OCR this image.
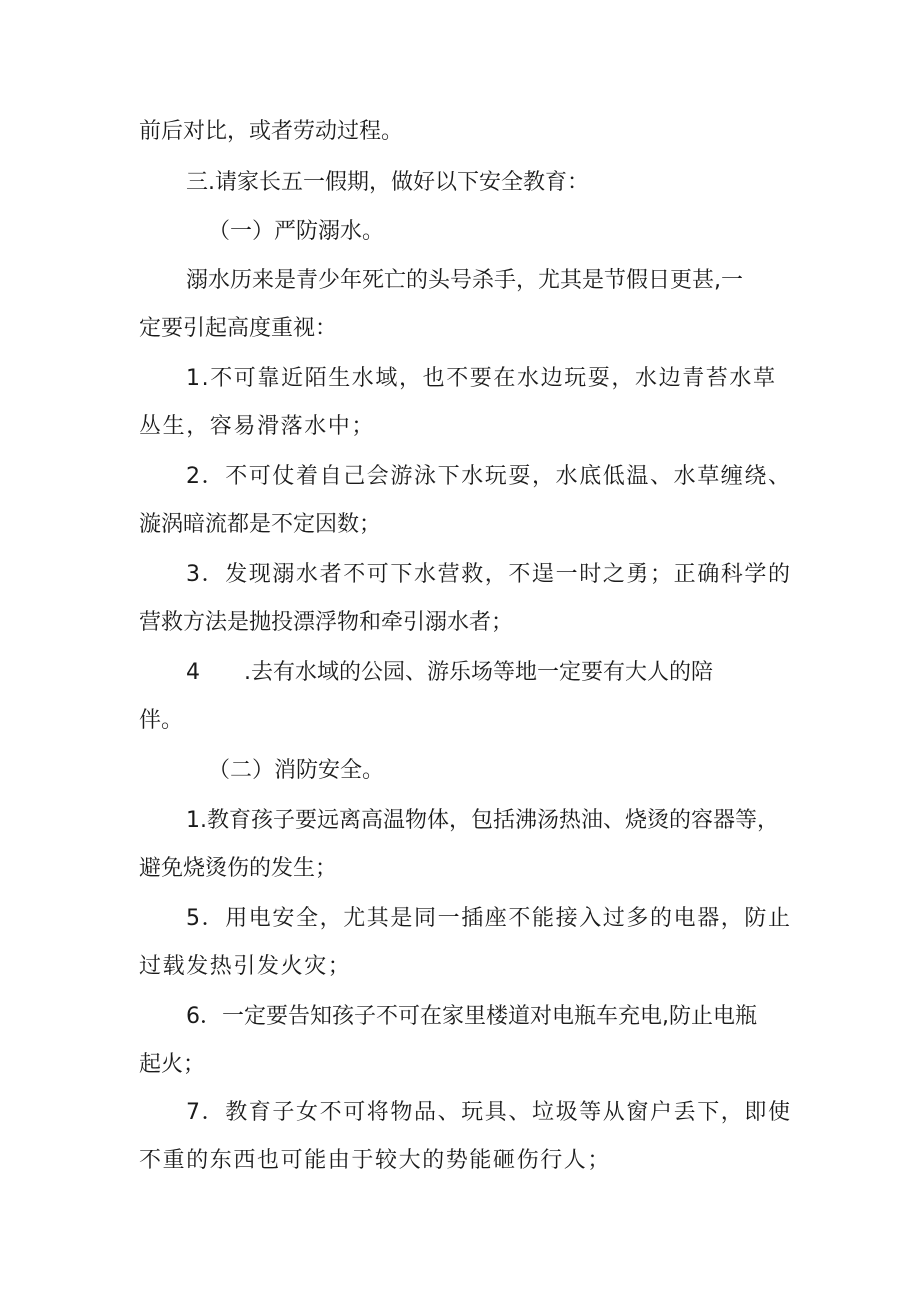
前后对比，或者劳动过程。

三.请家长五一假期，做好以下安全教育：

（一）严防溺水。

溺水历来是青少年死亡的头号杀手，尤其是节假日更甚,一

定要引起高度重视：

1.不可靠近陌生水域，也不要在水边玩耍，水边青苔水草

丛生，容易滑落水中；

2．不可仗着自己会游泳下水玩耍，水底低温、水草缠绕、

漩涡暗流都是不定因数；

3．发现溺水者不可下水营救，不逞一时之勇；正确科学的

营救方法是抛投漂浮物和牵引溺水者；

4 .去有水域的公园、游乐场等地一定要有大人的陪

伴。

（二）消防安全。

1.教育孩子要远离高温物体，包括沸汤热油、烧烫的容器等，

避免烧烫伤的发生；

5．用电安全，尤其是同一插座不能接入过多的电器，防止

过载发热引发火灾；

6．一定要告知孩子不可在家里楼道对电瓶车充电,防止电瓶

起火；

7．教育子女不可将物品、玩具、垃圾等从窗户丢下，即使

不重的东西也可能由于较大的势能砸伤行人；
